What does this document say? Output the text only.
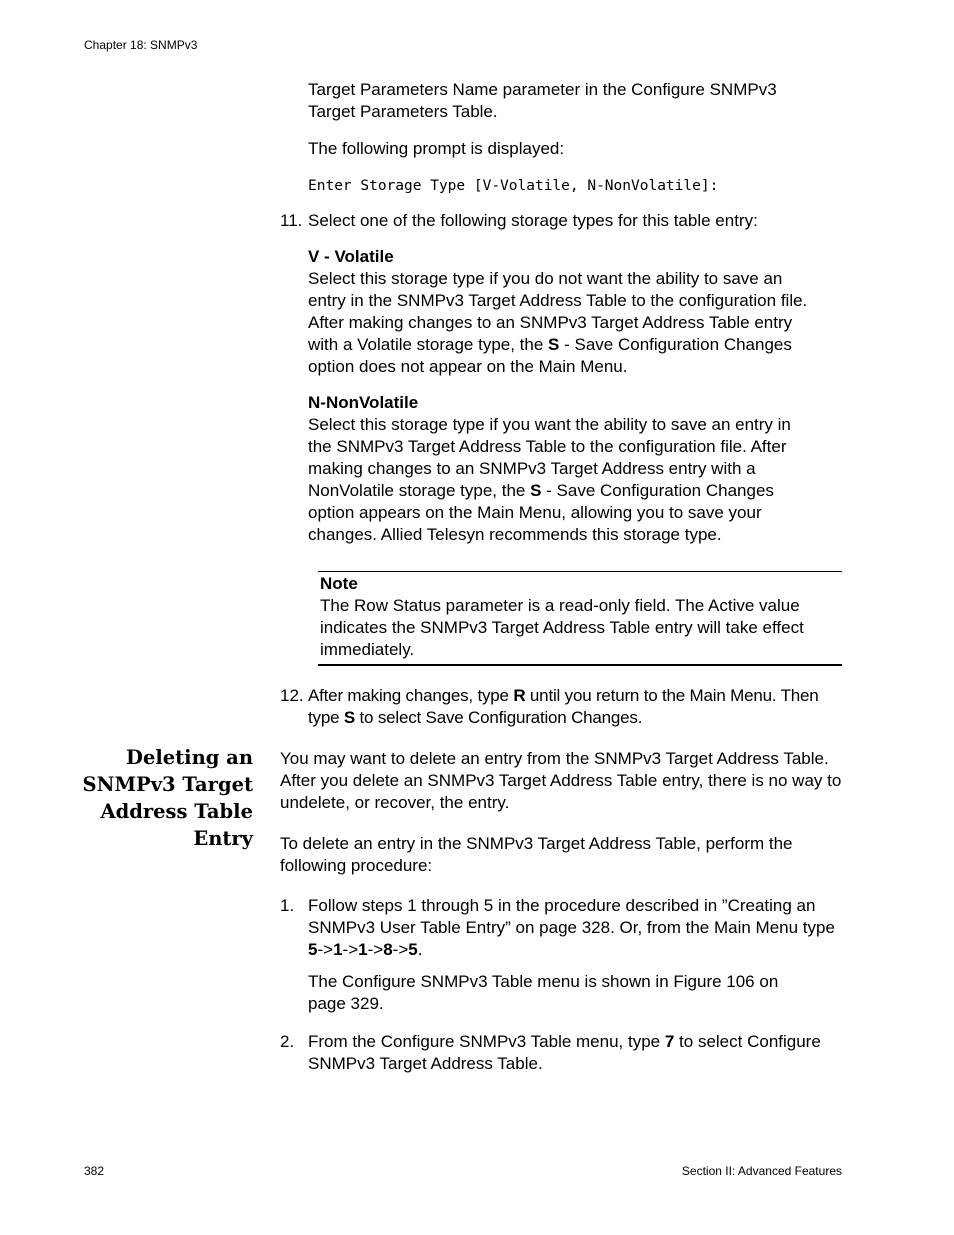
Chapter 18: SNMPv3
Target Parameters Name parameter in the Configure SNMPv3 Target Parameters Table.
The following prompt is displayed:
Enter Storage Type [V-Volatile, N-NonVolatile]:
11. Select one of the following storage types for this table entry:
V - Volatile
Select this storage type if you do not want the ability to save an entry in the SNMPv3 Target Address Table to the configuration file. After making changes to an SNMPv3 Target Address Table entry with a Volatile storage type, the S - Save Configuration Changes option does not appear on the Main Menu.
N-NonVolatile
Select this storage type if you want the ability to save an entry in the SNMPv3 Target Address Table to the configuration file. After making changes to an SNMPv3 Target Address entry with a NonVolatile storage type, the S - Save Configuration Changes option appears on the Main Menu, allowing you to save your changes. Allied Telesyn recommends this storage type.
Note
The Row Status parameter is a read-only field. The Active value indicates the SNMPv3 Target Address Table entry will take effect immediately.
12. After making changes, type R until you return to the Main Menu. Then type S to select Save Configuration Changes.
Deleting an
SNMPv3 Target
Address Table
Entry
You may want to delete an entry from the SNMPv3 Target Address Table. After you delete an SNMPv3 Target Address Table entry, there is no way to undelete, or recover, the entry.
To delete an entry in the SNMPv3 Target Address Table, perform the following procedure:
1. Follow steps 1 through 5 in the procedure described in ”Creating an SNMPv3 User Table Entry” on page 328. Or, from the Main Menu type 5->1->1->8->5.
The Configure SNMPv3 Table menu is shown in Figure 106 on page 329.
2. From the Configure SNMPv3 Table menu, type 7 to select Configure SNMPv3 Target Address Table.
382	Section II: Advanced Features
